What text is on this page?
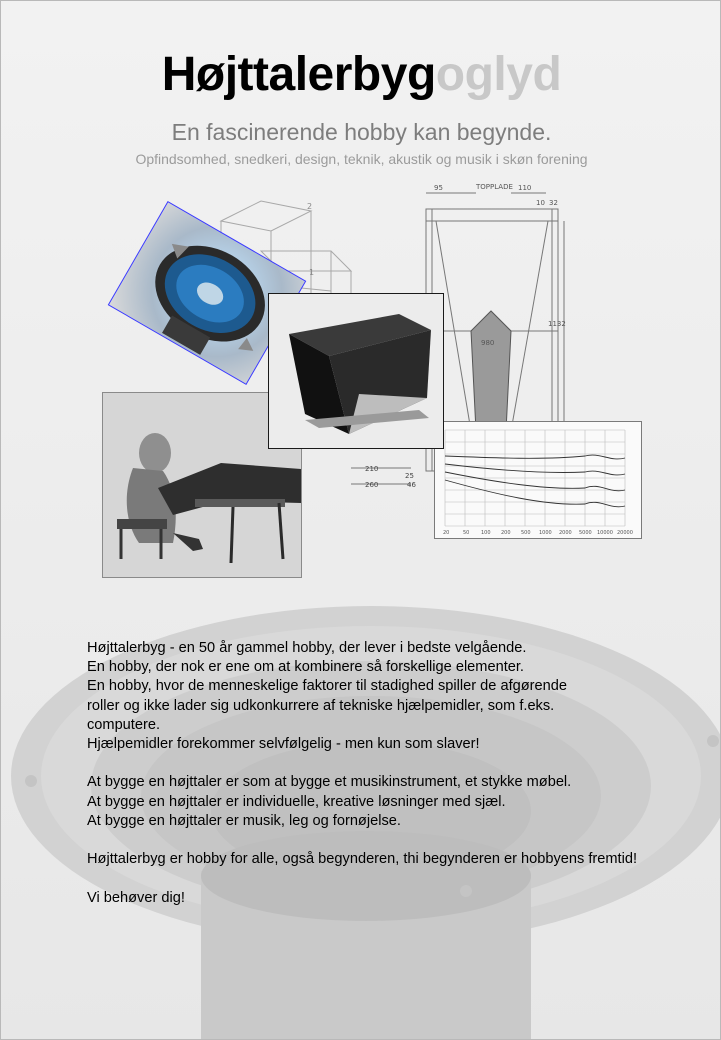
Højttalerbygoglyd
En fascinerende hobby kan begynde.
Opfindsomhed, snedkeri, design, teknik, akustik og musik i skøn forening
2
1
TOPPLADE
95	110
10 32
1132
980
210
260
25
46
20	50 100 200 500 1000 2000 5000 10000 20000
Højttalerbyg - en 50 år gammel hobby, der lever i bedste velgående.
En hobby, der nok er ene om at kombinere så forskellige elementer.
En hobby, hvor de menneskelige faktorer til stadighed spiller de afgørende
roller og ikke lader sig udkonkurrere af tekniske hjælpemidler, som f.eks.
computere.
Hjælpemidler forekommer selvfølgelig - men kun som slaver!
At bygge en højttaler er som at bygge et musikinstrument, et stykke møbel.
At bygge en højttaler er individuelle, kreative løsninger med sjæl.
At bygge en højttaler er musik, leg og fornøjelse.
Højttalerbyg er hobby for alle, også begynderen, thi begynderen er hobbyens fremtid!
Vi behøver dig!
